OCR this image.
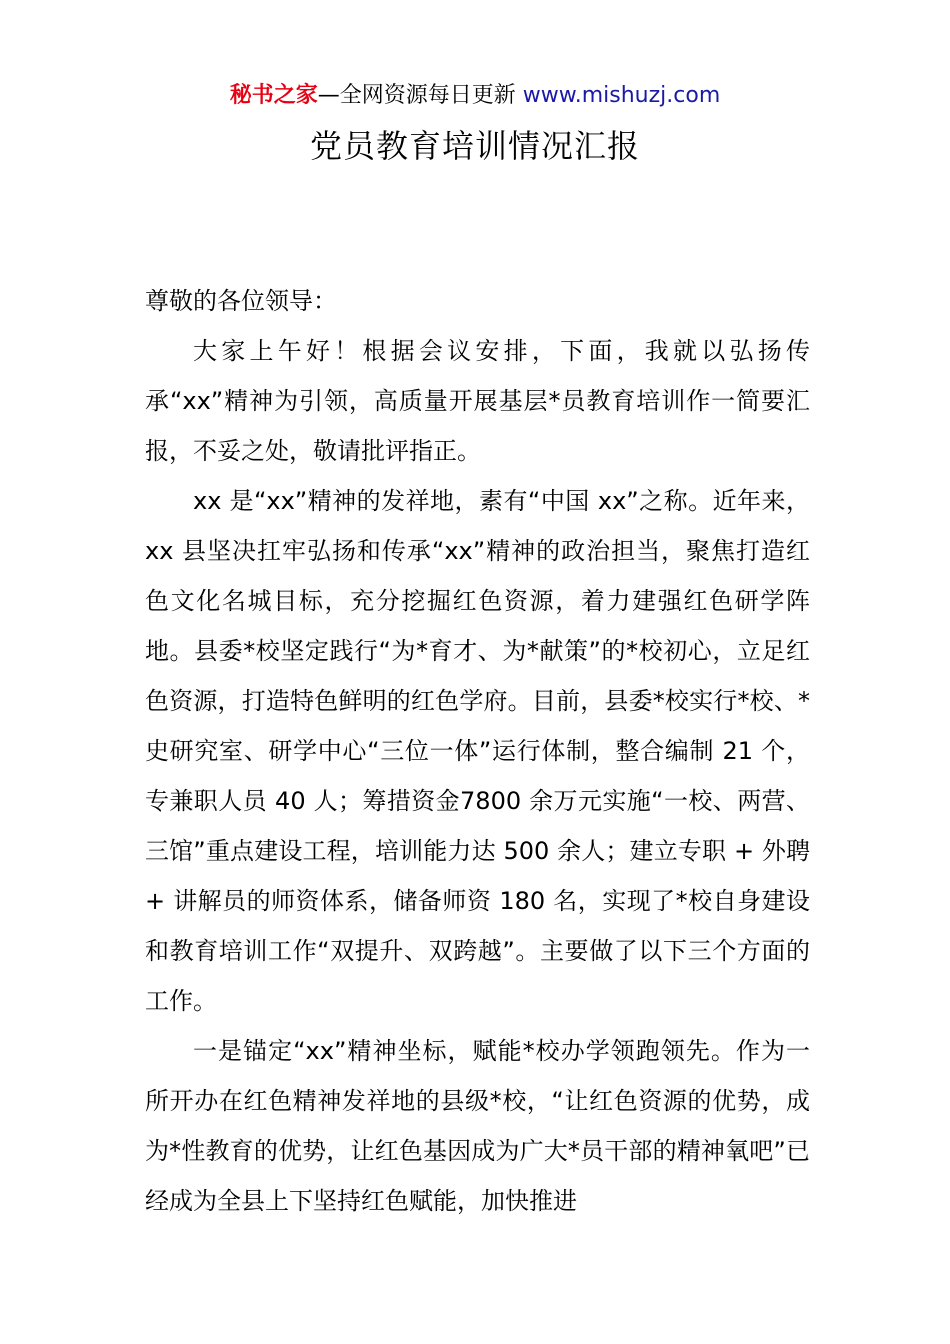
秘书之家—全网资源每日更新 www.mishuzj.com
党员教育培训情况汇报

尊敬的各位领导：

大家上午好！根据会议安排，下面，我就以弘扬传承“xx”精神为引领，高质量开展基层*员教育培训作一简要汇报，不妥之处，敬请批评指正。

xx 是“xx”精神的发祥地，素有“中国 xx”之称。近年来，xx 县坚决扛牢弘扬和传承“xx”精神的政治担当，聚焦打造红色文化名城目标，充分挖掘红色资源，着力建强红色研学阵地。县委*校坚定践行“为*育才、为*献策”的*校初心，立足红色资源，打造特色鲜明的红色学府。目前，县委*校实行*校、*史研究室、研学中心“三位一体”运行体制，整合编制 21 个，专兼职人员 40 人；筹措资金7800 余万元实施“一校、两营、三馆”重点建设工程，培训能力达 500 余人；建立专职 + 外聘 + 讲解员的师资体系，储备师资 180 名，实现了*校自身建设和教育培训工作“双提升、双跨越”。主要做了以下三个方面的工作。

一是锚定“xx”精神坐标，赋能*校办学领跑领先。作为一所开办在红色精神发祥地的县级*校，“让红色资源的优势，成为*性教育的优势，让红色基因成为广大*员干部的精神氧吧”已经成为全县上下坚持红色赋能，加快推进
